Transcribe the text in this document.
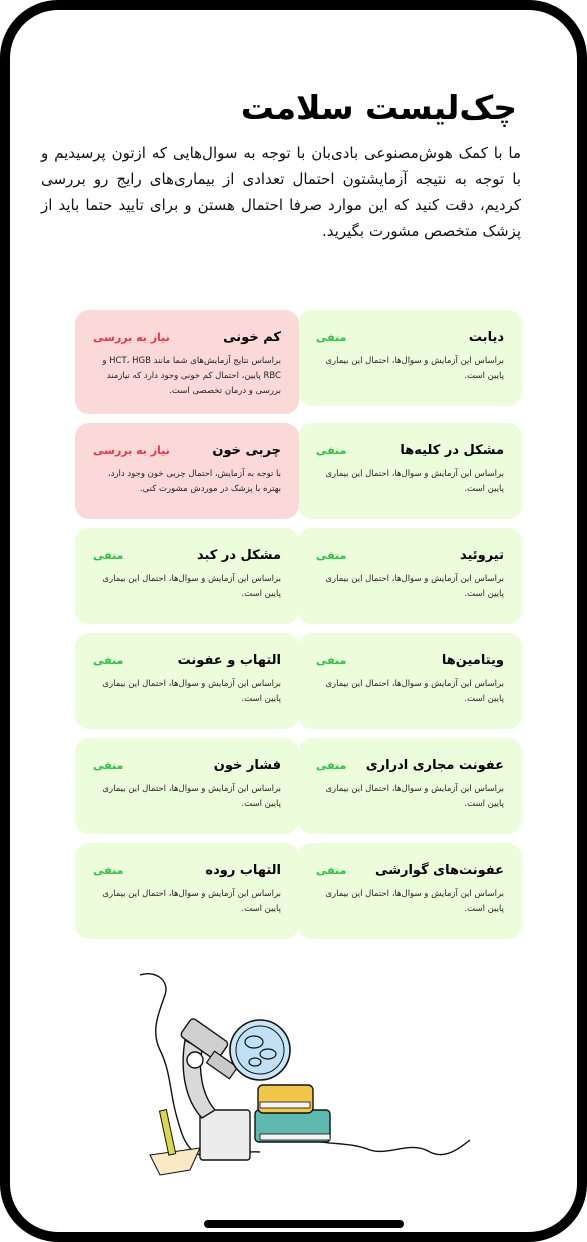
چک‌لیست سلامت

ما با کمک هوش‌مصنوعی بادی‌بان با توجه به سوال‌هایی که ازتون پرسیدیم و با توجه به نتیجه آزمایشتون احتمال تعدادی از بیماری‌های رایج رو بررسی کردیم، دقت کنید که این موارد صرفا احتمال هستن و برای تایید حتما باید از پزشک متخصص مشورت بگیرید.

دیابت
منفی
براساس این آزمایش و سوال‌ها، احتمال این بیماری پایین است.
کم خونی
نیاز به بررسی
براساس نتایج آزمایش‌های شما مانند HCT، HGB و RBC پایین، احتمال کم خونی وجود دارد که نیازمند بررسی و درمان تخصصی است.
مشکل در کلیه‌ها
منفی
براساس این آزمایش و سوال‌ها، احتمال این بیماری پایین است.
چربی خون
نیاز به بررسی
با توجه به آزمایش، احتمال چربی خون وجود دارد، بهتره با پزشک در موردش مشورت کنی.
تیروئید
منفی
براساس این آزمایش و سوال‌ها، احتمال این بیماری پایین است.
مشکل در کبد
منفی
براساس این آزمایش و سوال‌ها، احتمال این بیماری پایین است.
ویتامین‌ها
منفی
براساس این آزمایش و سوال‌ها، احتمال این بیماری پایین است.
التهاب و عفونت
منفی
براساس این آزمایش و سوال‌ها، احتمال این بیماری پایین است.
عفونت مجاری ادراری
منفی
براساس این آزمایش و سوال‌ها، احتمال این بیماری پایین است.
فشار خون
منفی
براساس این آزمایش و سوال‌ها، احتمال این بیماری پایین است.
عفونت‌های گوارشی
منفی
براساس این آزمایش و سوال‌ها، احتمال این بیماری پایین است.
التهاب روده
منفی
براساس این آزمایش و سوال‌ها، احتمال این بیماری پایین است.
